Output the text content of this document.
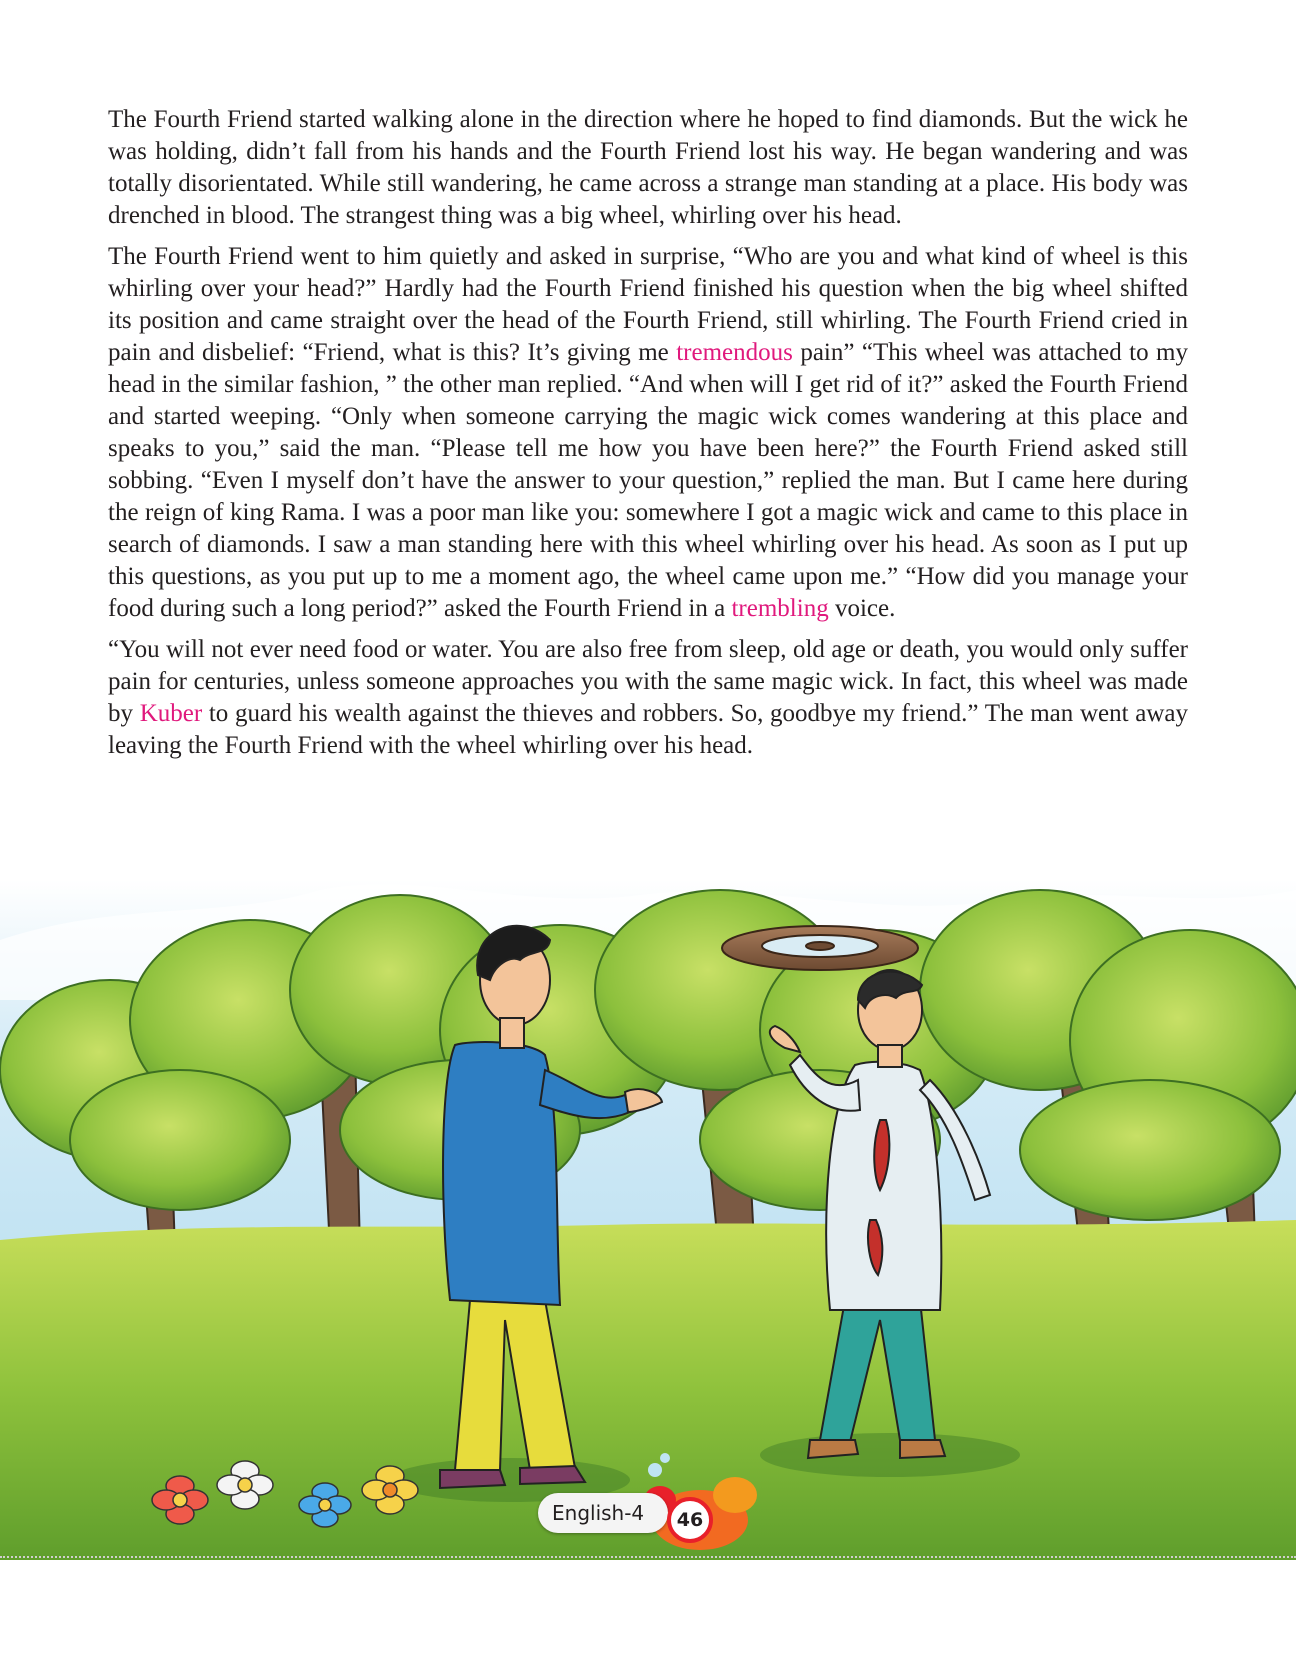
The Fourth Friend started walking alone in the direction where he hoped to find diamonds. But the wick he was holding, didn’t fall from his hands and the Fourth Friend lost his way. He began wandering and was totally disorientated. While still wandering, he came across a strange man standing at a place. His body was drenched in blood. The strangest thing was a big wheel, whirling over his head.

The Fourth Friend went to him quietly and asked in surprise, “Who are you and what kind of wheel is this whirling over your head?” Hardly had the Fourth Friend finished his question when the big wheel shifted its position and came straight over the head of the Fourth Friend, still whirling. The Fourth Friend cried in pain and disbelief: “Friend, what is this? It’s giving me tremendous pain” “This wheel was attached to my head in the similar fashion, ” the other man replied. “And when will I get rid of it?” asked the Fourth Friend and started weeping. “Only when someone carrying the magic wick comes wandering at this place and speaks to you,” said the man. “Please tell me how you have been here?” the Fourth Friend asked still sobbing. “Even I myself don’t have the answer to your question,” replied the man. But I came here during the reign of king Rama. I was a poor man like you: somewhere I got a magic wick and came to this place in search of diamonds. I saw a man standing here with this wheel whirling over his head. As soon as I put up this questions, as you put up to me a moment ago, the wheel came upon me.” “How did you manage your food during such a long period?” asked the Fourth Friend in a trembling voice.

“You will not ever need food or water. You are also free from sleep, old age or death, you would only suffer pain for centuries, unless someone approaches you with the same magic wick. In fact, this wheel was made by Kuber to guard his wealth against the thieves and robbers. So, goodbye my friend.” The man went away leaving the Fourth Friend with the wheel whirling over his head.

English-4	46
